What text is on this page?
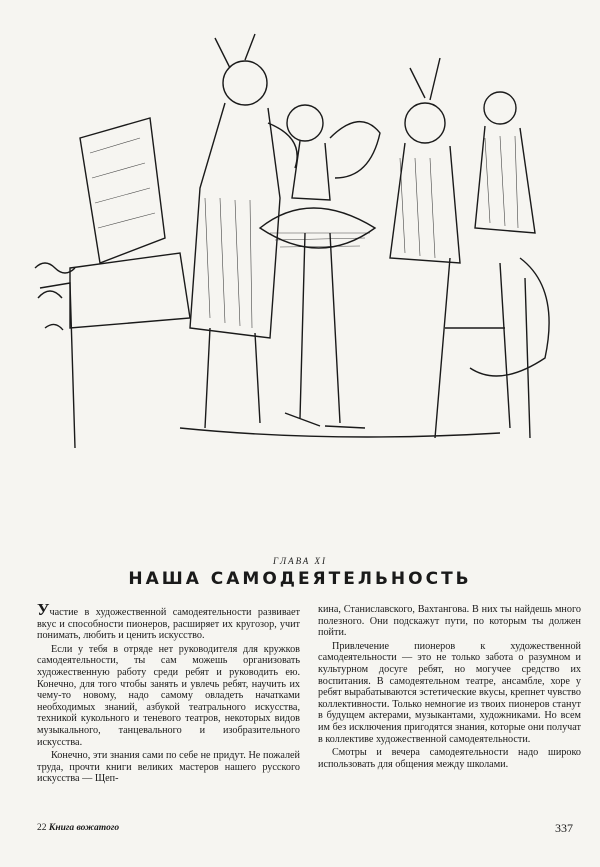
ГЛАВА XI
НАША САМОДЕЯТЕЛЬНОСТЬ

Участие в художественной самодеятельности развивает вкус и способности пионеров, расширяет их кругозор, учит понимать, любить и ценить искусство.

Если у тебя в отряде нет руководителя для кружков самодеятельности, ты сам можешь организовать художественную работу среди ребят и руководить ею. Конечно, для того чтобы занять и увлечь ребят, научить их чему-то новому, надо самому овладеть начатками необходимых знаний, азбукой театрального искусства, техникой кукольного и теневого театров, некоторых видов музыкального, танцевального и изобразительного искусства.

Конечно, эти знания сами по себе не придут. Не пожалей труда, прочти книги великих мастеров нашего русского искусства — Щеп-

кина, Станиславского, Вахтангова. В них ты найдешь много полезного. Они подскажут пути, по которым ты должен пойти.

Привлечение пионеров к художественной самодеятельности — это не только забота о разумном и культурном досуге ребят, но могучее средство их воспитания. В самодеятельном театре, ансамбле, хоре у ребят вырабатываются эстетические вкусы, крепнет чувство коллективности. Только немногие из твоих пионеров станут в будущем актерами, музыкантами, художниками. Но всем им без исключения пригодятся знания, которые они получат в коллективе художественной самодеятельности.

Смотры и вечера самодеятельности надо широко использовать для общения между школами.

22 Книга вожатого	337
